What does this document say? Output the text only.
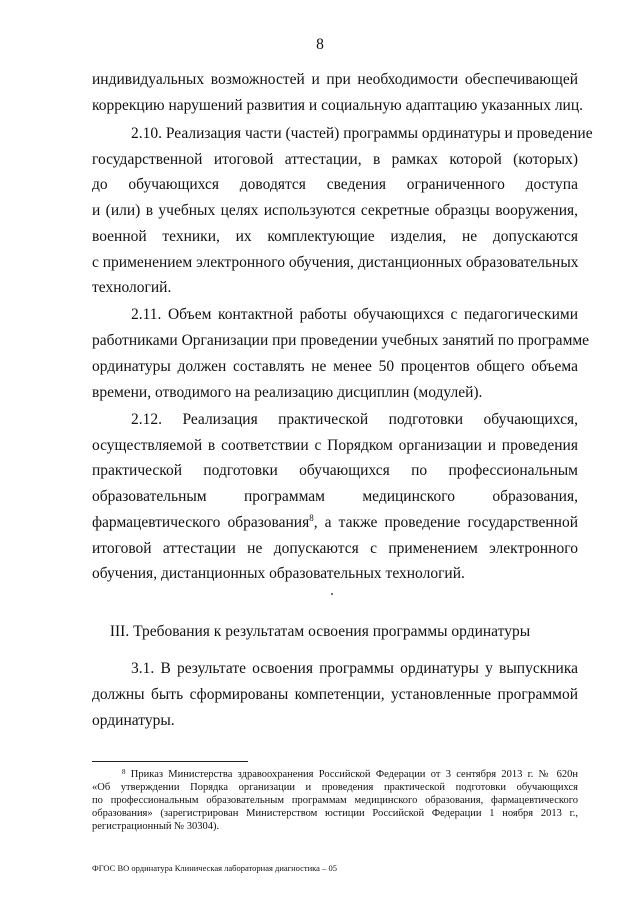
8
индивидуальных возможностей и при необходимости обеспечивающей
коррекцию нарушений развития и социальную адаптацию указанных лиц.
2.10. Реализация части (частей) программы ординатуры и проведение
государственной итоговой аттестации, в рамках которой (которых)
до обучающихся доводятся сведения ограниченного доступа
и (или) в учебных целях используются секретные образцы вооружения,
военной техники, их комплектующие изделия, не допускаются
с применением электронного обучения, дистанционных образовательных
технологий.
2.11. Объем контактной работы обучающихся с педагогическими
работниками Организации при проведении учебных занятий по программе
ординатуры должен составлять не менее 50 процентов общего объема
времени, отводимого на реализацию дисциплин (модулей).
2.12. Реализация практической подготовки обучающихся,
осуществляемой в соответствии с Порядком организации и проведения
практической подготовки обучающихся по профессиональным
образовательным программам медицинского образования,
фармацевтического образования$^8$, а также проведение государственной
итоговой аттестации не допускаются с применением электронного
обучения, дистанционных образовательных технологий.
III. Требования к результатам освоения программы ординатуры
3.1. В результате освоения программы ординатуры у выпускника
должны быть сформированы компетенции, установленные программой
ординатуры.
$^8$ Приказ Министерства здравоохранения Российской Федерации от 3 сентября 2013 г. № 620н
«Об утверждении Порядка организации и проведения практической подготовки обучающихся
по профессиональным образовательным программам медицинского образования, фармацевтического
образования» (зарегистрирован Министерством юстиции Российской Федерации 1 ноября 2013 г.,
регистрационный № 30304).
ФГОС ВО ординатура Клиническая лабораторная диагностика – 05
